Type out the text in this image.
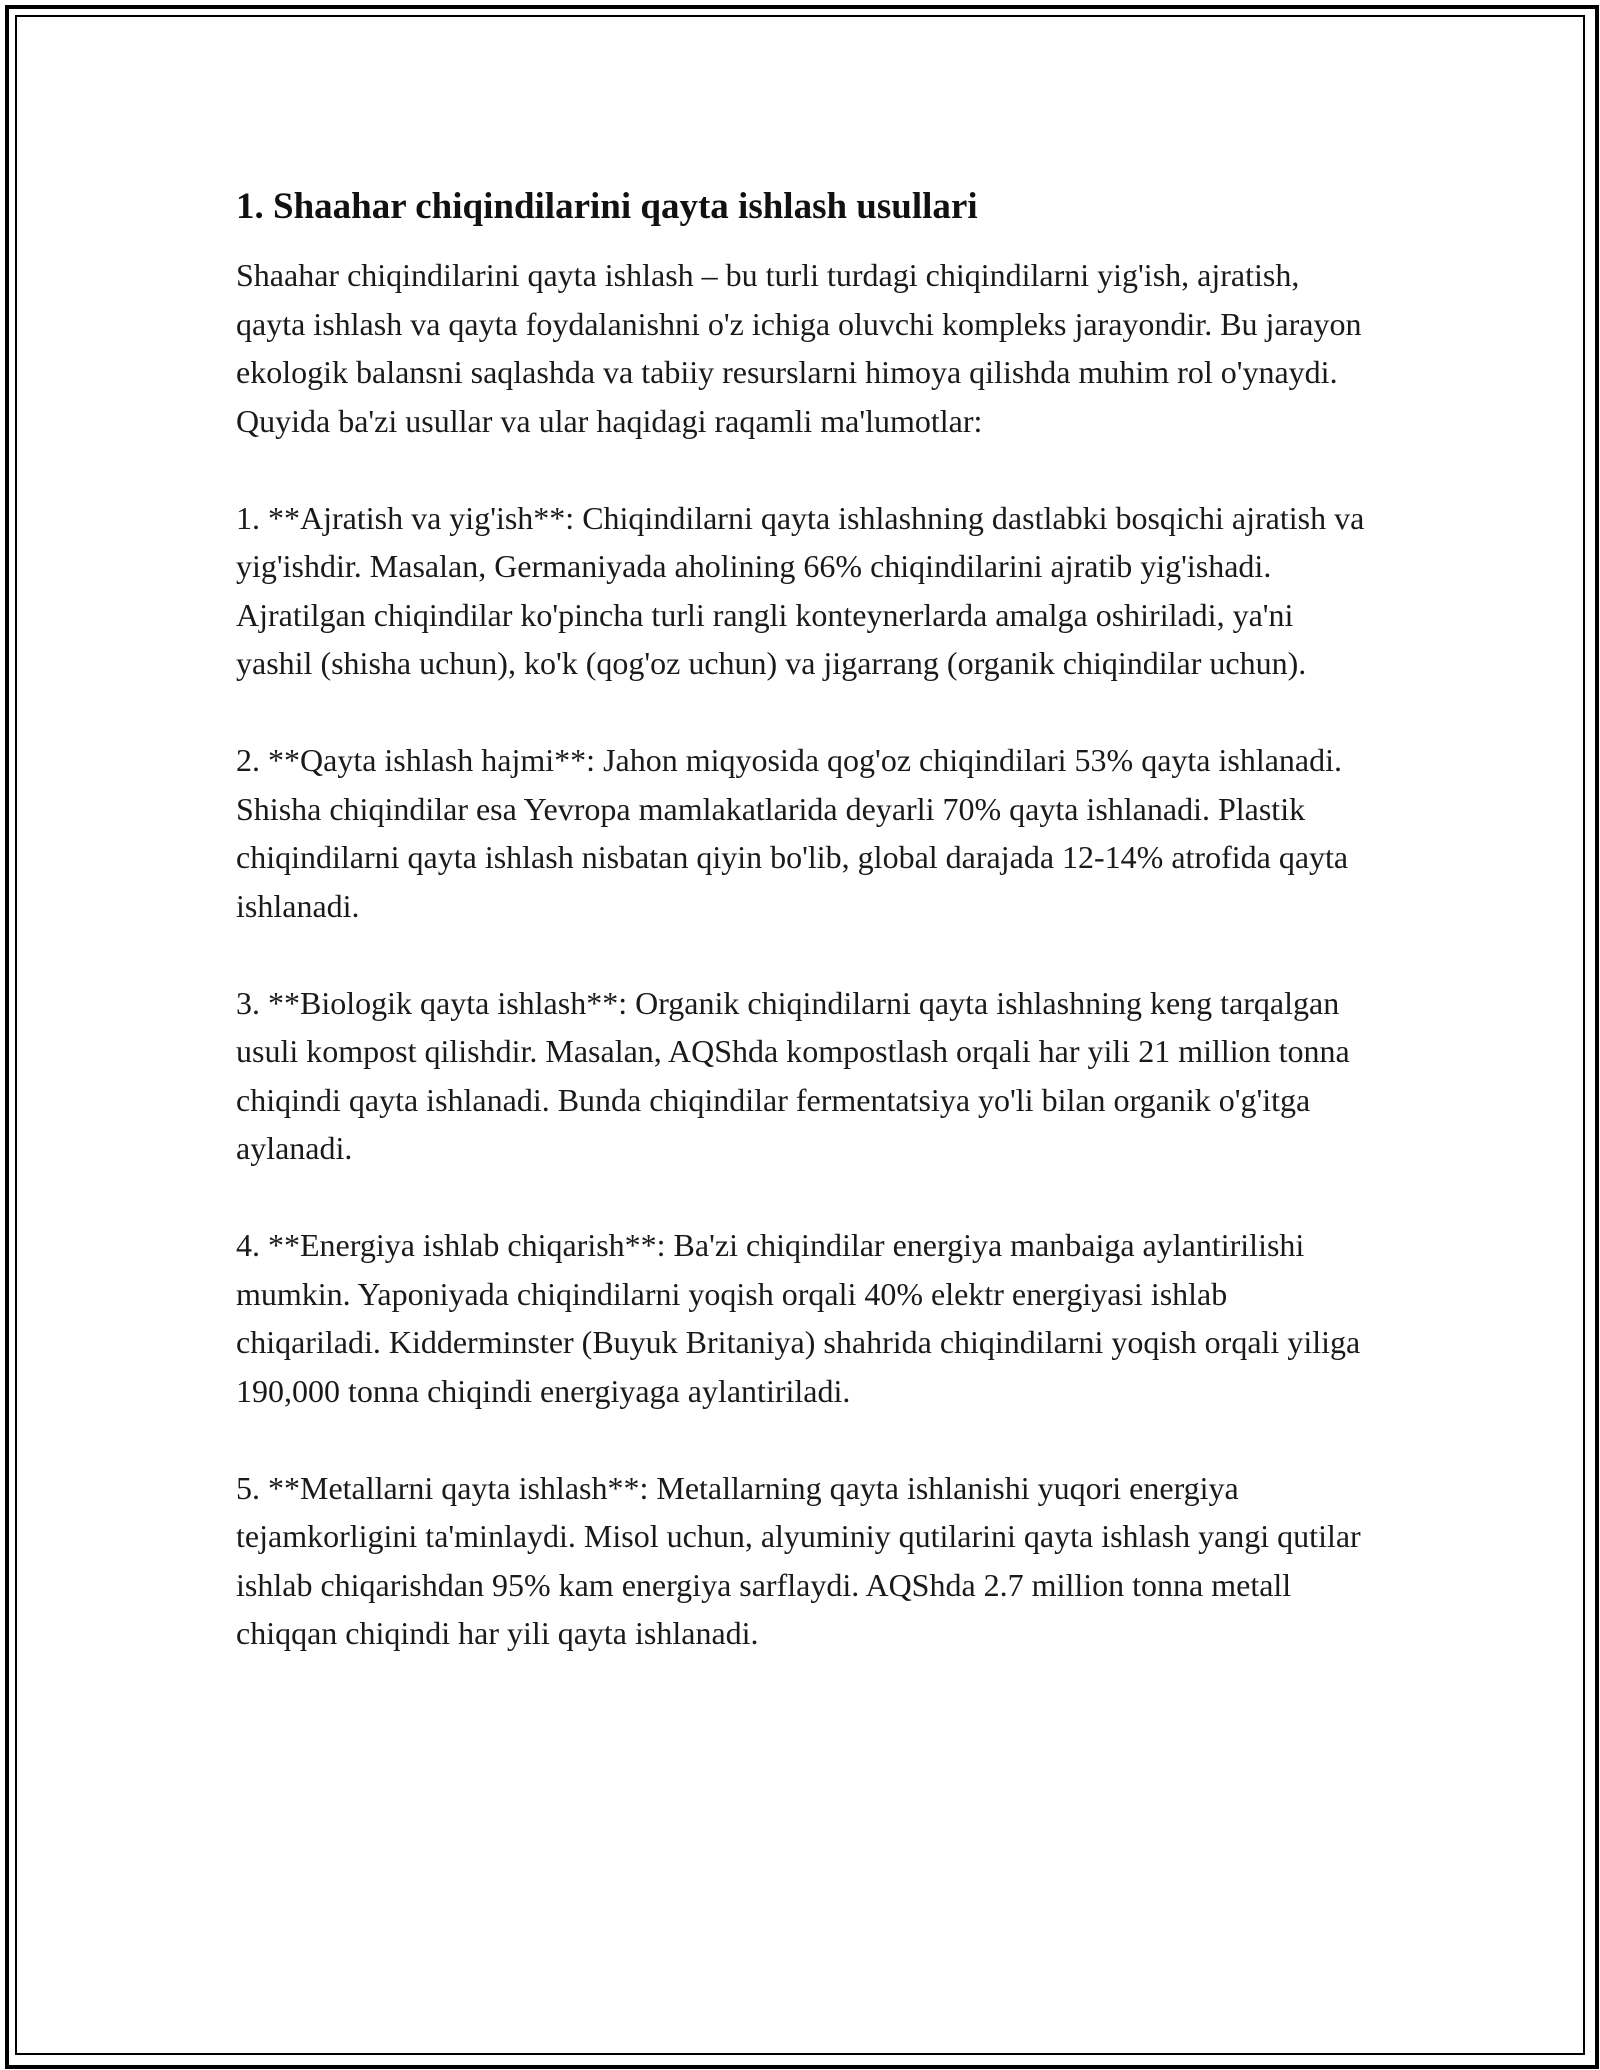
1. Shaahar chiqindilarini qayta ishlash usullari

Shaahar chiqindilarini qayta ishlash – bu turli turdagi chiqindilarni yig'ish, ajratish, qayta ishlash va qayta foydalanishni o'z ichiga oluvchi kompleks jarayondir. Bu jarayon ekologik balansni saqlashda va tabiiy resurslarni himoya qilishda muhim rol o'ynaydi. Quyida ba'zi usullar va ular haqidagi raqamli ma'lumotlar:

1. **Ajratish va yig'ish**: Chiqindilarni qayta ishlashning dastlabki bosqichi ajratish va yig'ishdir. Masalan, Germaniyada aholining 66% chiqindilarini ajratib yig'ishadi. Ajratilgan chiqindilar ko'pincha turli rangli konteynerlarda amalga oshiriladi, ya'ni yashil (shisha uchun), ko'k (qog'oz uchun) va jigarrang (organik chiqindilar uchun).

2. **Qayta ishlash hajmi**: Jahon miqyosida qog'oz chiqindilari 53% qayta ishlanadi. Shisha chiqindilar esa Yevropa mamlakatlarida deyarli 70% qayta ishlanadi. Plastik chiqindilarni qayta ishlash nisbatan qiyin bo'lib, global darajada 12-14% atrofida qayta ishlanadi.

3. **Biologik qayta ishlash**: Organik chiqindilarni qayta ishlashning keng tarqalgan usuli kompost qilishdir. Masalan, AQShda kompostlash orqali har yili 21 million tonna chiqindi qayta ishlanadi. Bunda chiqindilar fermentatsiya yo'li bilan organik o'g'itga aylanadi.

4. **Energiya ishlab chiqarish**: Ba'zi chiqindilar energiya manbaiga aylantirilishi mumkin. Yaponiyada chiqindilarni yoqish orqali 40% elektr energiyasi ishlab chiqariladi. Kidderminster (Buyuk Britaniya) shahrida chiqindilarni yoqish orqali yiliga 190,000 tonna chiqindi energiyaga aylantiriladi.

5. **Metallarni qayta ishlash**: Metallarning qayta ishlanishi yuqori energiya tejamkorligini ta'minlaydi. Misol uchun, alyuminiy qutilarini qayta ishlash yangi qutilar ishlab chiqarishdan 95% kam energiya sarflaydi. AQShda 2.7 million tonna metall chiqqan chiqindi har yili qayta ishlanadi.
